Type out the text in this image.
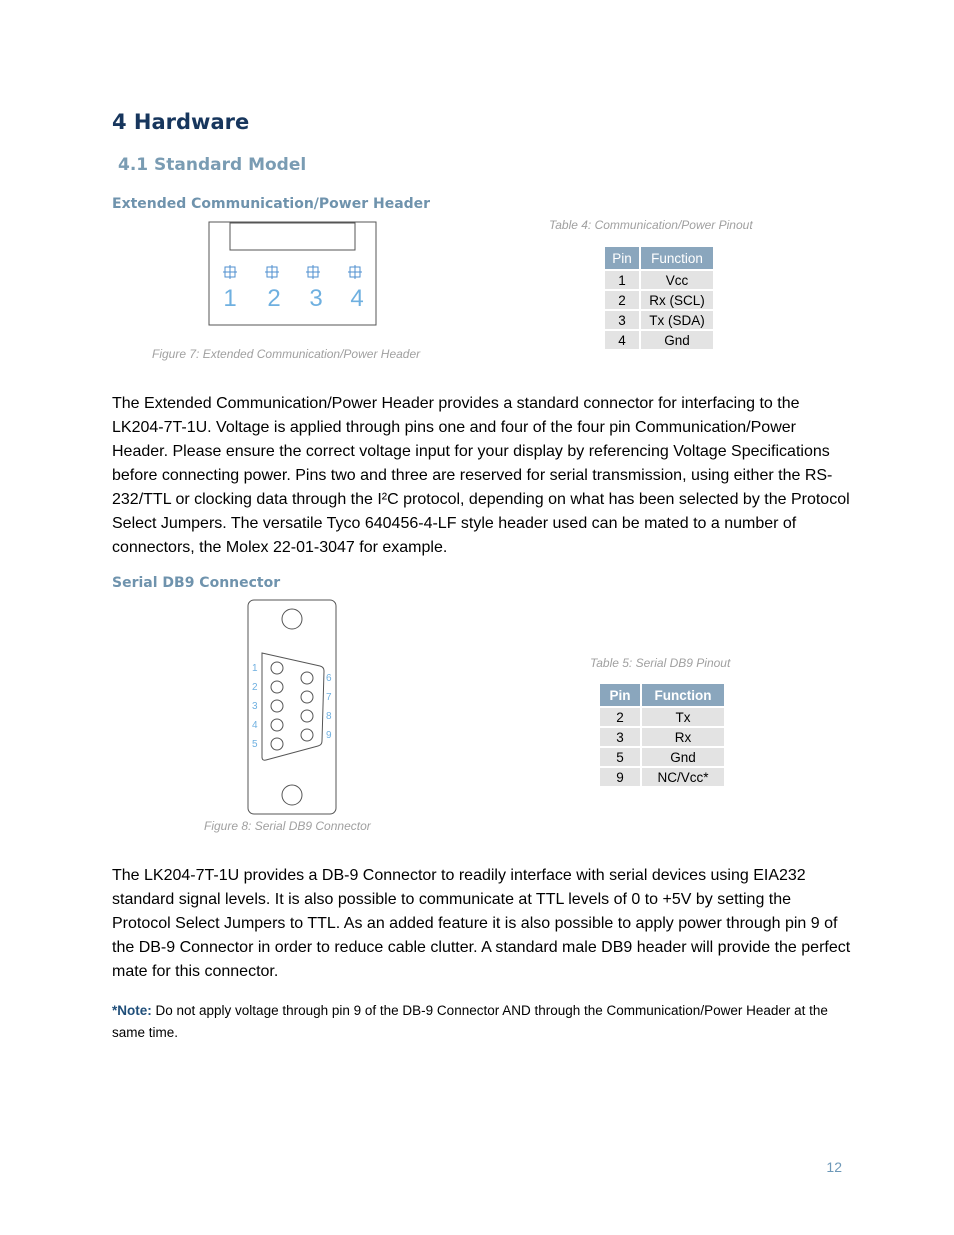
4 Hardware
4.1 Standard Model
Extended Communication/Power Header
1 2 3 4
Figure 7: Extended Communication/Power Header
Table 4: Communication/Power Pinout
Pin	Function
1	Vcc
2	Rx (SCL)
3	Tx (SDA)
4	Gnd
The Extended Communication/Power Header provides a standard connector for interfacing to the LK204-7T-1U. Voltage is applied through pins one and four of the four pin Communication/Power Header. Please ensure the correct voltage input for your display by referencing Voltage Specifications before connecting power. Pins two and three are reserved for serial transmission, using either the RS-232/TTL or clocking data through the I²C protocol, depending on what has been selected by the Protocol Select Jumpers. The versatile Tyco 640456-4-LF style header used can be mated to a number of connectors, the Molex 22-01-3047 for example.
Serial DB9 Connector
1
2
3
4
5
6
7
8
9
Figure 8: Serial DB9 Connector
Table 5: Serial DB9 Pinout
Pin	Function
2	Tx
3	Rx
5	Gnd
9	NC/Vcc*
The LK204-7T-1U provides a DB-9 Connector to readily interface with serial devices using EIA232 standard signal levels. It is also possible to communicate at TTL levels of 0 to +5V by setting the Protocol Select Jumpers to TTL. As an added feature it is also possible to apply power through pin 9 of the DB-9 Connector in order to reduce cable clutter. A standard male DB9 header will provide the perfect mate for this connector.
*Note: Do not apply voltage through pin 9 of the DB-9 Connector AND through the Communication/Power Header at the same time.
12
